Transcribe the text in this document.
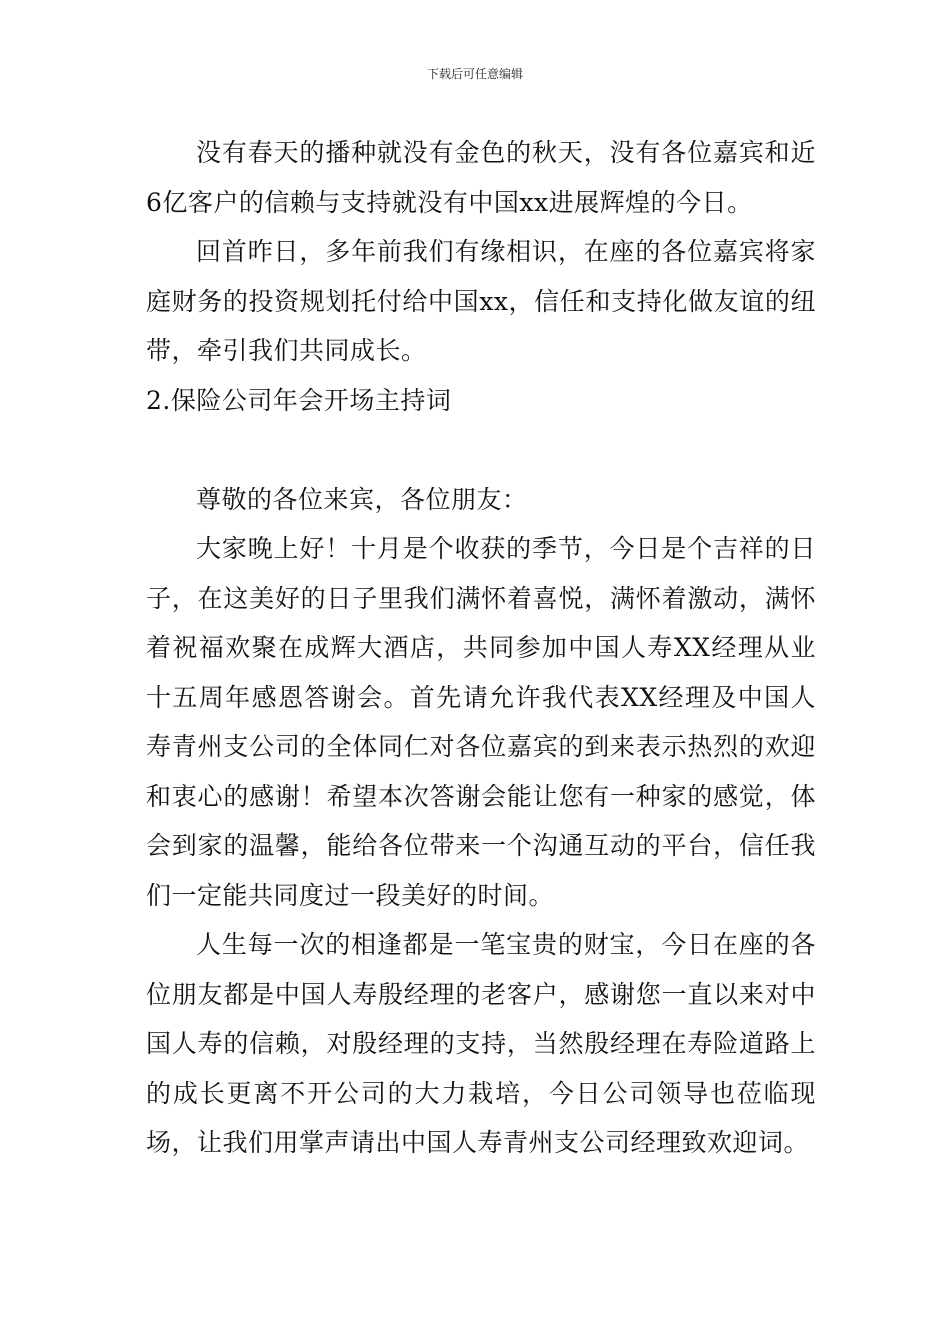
下载后可任意编辑

没有春天的播种就没有金色的秋天，没有各位嘉宾和近6亿客户的信赖与支持就没有中国xx进展辉煌的今日。

回首昨日，多年前我们有缘相识，在座的各位嘉宾将家庭财务的投资规划托付给中国xx，信任和支持化做友谊的纽带，牵引我们共同成长。

2.保险公司年会开场主持词

尊敬的各位来宾，各位朋友：

大家晚上好！十月是个收获的季节，今日是个吉祥的日子，在这美好的日子里我们满怀着喜悦，满怀着激动，满怀着祝福欢聚在成辉大酒店，共同参加中国人寿XX经理从业十五周年感恩答谢会。首先请允许我代表XX经理及中国人寿青州支公司的全体同仁对各位嘉宾的到来表示热烈的欢迎和衷心的感谢！希望本次答谢会能让您有一种家的感觉，体会到家的温馨，能给各位带来一个沟通互动的平台，信任我们一定能共同度过一段美好的时间。

人生每一次的相逢都是一笔宝贵的财宝，今日在座的各位朋友都是中国人寿殷经理的老客户，感谢您一直以来对中国人寿的信赖，对殷经理的支持，当然殷经理在寿险道路上的成长更离不开公司的大力栽培，今日公司领导也莅临现场，让我们用掌声请出中国人寿青州支公司经理致欢迎词。
